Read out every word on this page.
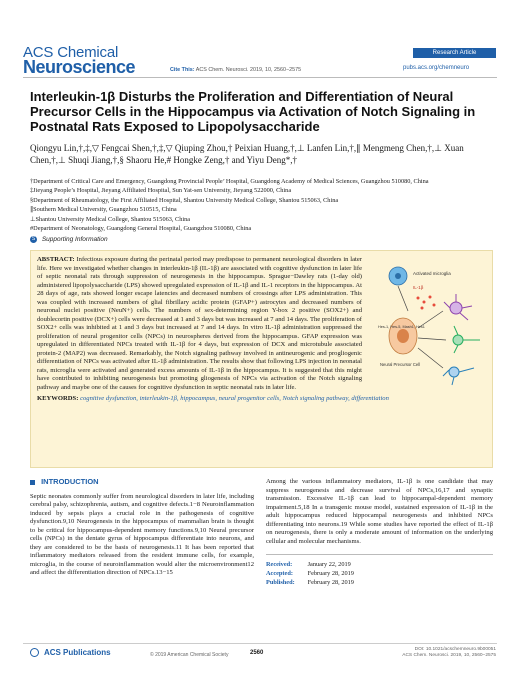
ACS Chemical
Neuroscience	Cite This: ACS Chem. Neurosci. 2019, 10, 2560−2575
Research Article
pubs.acs.org/chemneuro
Interleukin-1β Disturbs the Proliferation and Differentiation of Neural Precursor Cells in the Hippocampus via Activation of Notch Signaling in Postnatal Rats Exposed to Lipopolysaccharide
Qiongyu Lin,†,‡,▽ Fengcai Shen,†,‡,▽ Qiuping Zhou,† Peixian Huang,†,⊥ Lanfen Lin,†,∥ Mengmeng Chen,†,⊥ Xuan Chen,†,⊥ Shuqi Jiang,†,§ Shaoru He,# Hongke Zeng,† and Yiyu Deng*,†
†Department of Critical Care and Emergency, Guangdong Provincial People’ Hospital, Guangdong Academy of Medical Sciences, Guangzhou 510080, China
‡Jieyang People’s Hospital, Jieyang Affiliated Hospital, Sun Yat-sen University, Jieyang 522000, China
§Department of Rheumatology, the First Affiliated Hospital, Shantou University Medical College, Shantou 515063, China
∥Southern Medical University, Guangzhou 510515, China
⊥Shantou University Medical College, Shantou 515063, China
#Department of Neonatology, Guangdong General Hospital, Guangzhou 510080, China
S Supporting Information
Activated microglia
IL-1β
Hes-1, Hes-5, Mash1, Hes1
Neural Precursor Cell
ABSTRACT: Infectious exposure during the perinatal period may predispose to permanent neurological disorders in later life. Here we investigated whether changes in interleukin-1β (IL-1β) are associated with cognitive dysfunction in later life of septic neonatal rats through suppression of neurogenesis in the hippocampus. Sprague−Dawley rats (1-day old) administered lipopolysaccharide (LPS) showed upregulated expression of IL-1β and IL-1 receptors in the hippocampus. At 28 days of age, rats showed longer escape latencies and decreased numbers of crossings after LPS administration. This was coupled with increased numbers of glial fibrillary acidic protein (GFAP+) astrocytes and decreased numbers of neuronal nuclei positive (NeuN+) cells. The numbers of sex-determining region Y-box 2 positive (SOX2+) and doublecortin positive (DCX+) cells were decreased at 1 and 3 days but was increased at 7 and 14 days. The proliferation of SOX2+ cells was inhibited at 1 and 3 days but increased at 7 and 14 days. In vitro IL-1β administration suppressed the proliferation of neural progenitor cells (NPCs) in neurospheres derived from the hippocampus. GFAP expression was upregulated in differentiated NPCs treated with IL-1β for 4 days, but expression of DCX and microtubule associated protein-2 (MAP2) was decreased. Remarkably, the Notch signaling pathway involved in antineurogenic and progliogenic differentiation of NPCs was activated after IL-1β administration. The results show that following LPS injection in neonatal rats, microglia were activated and generated excess amounts of IL-1β in the hippocampus. It is suggested that this might have contributed to inhibiting neurogenesis but promoting gliogenesis of NPCs via activation of the Notch signaling pathway and maybe one of the causes for cognitive dysfunction in septic neonatal rats in later life.
KEYWORDS: cognitive dysfunction, interleukin-1β, hippocampus, neural progenitor cells, Notch signaling pathway, differentiation
INTRODUCTION

Septic neonates commonly suffer from neurological disorders in later life, including cerebral palsy, schizophrenia, autism, and cognitive defects.1−8 Neuroinflammation induced by sepsis plays a crucial role in the pathogenesis of cognitive dysfunction.9,10 Neurogenesis in the hippocampus of mammalian brain is thought to be critical for hippocampus-dependent memory functions.9,10 Neural precursor cells (NPCs) in the dentate gyrus of hippocampus differentiate into neurons, and they are considered to be the basis of neurogenesis.11 It has been reported that inflammatory mediators released from the resident immune cells, for example, microglia, in the course of neuroinflammation would alter the microenvironment12 and affect the differentiation direction of NPCs.13−15

Among the various inflammatory mediators, IL-1β is one candidate that may suppress neurogenesis and decrease survival of NPCs,16,17 and synaptic transmission. Excessive IL-1β can lead to hippocampal-dependent memory impairment.5,18 In a transgenic mouse model, sustained expression of IL-1β in the adult hippocampus reduced hippocampal neurogenesis and inhibited NPCs differentiating into neurons.19 While some studies have reported the effect of IL-1β on neurogenesis, there is only a moderate amount of information on the underlying cellular and molecular mechanisms.

Received: January 22, 2019
Accepted: February 28, 2019
Published: February 28, 2019
ACS Publications	© 2019 American Chemical Society	2560
DOI: 10.1021/acschemneuro.9b00051
ACS Chem. Neurosci. 2019, 10, 2560−2575
